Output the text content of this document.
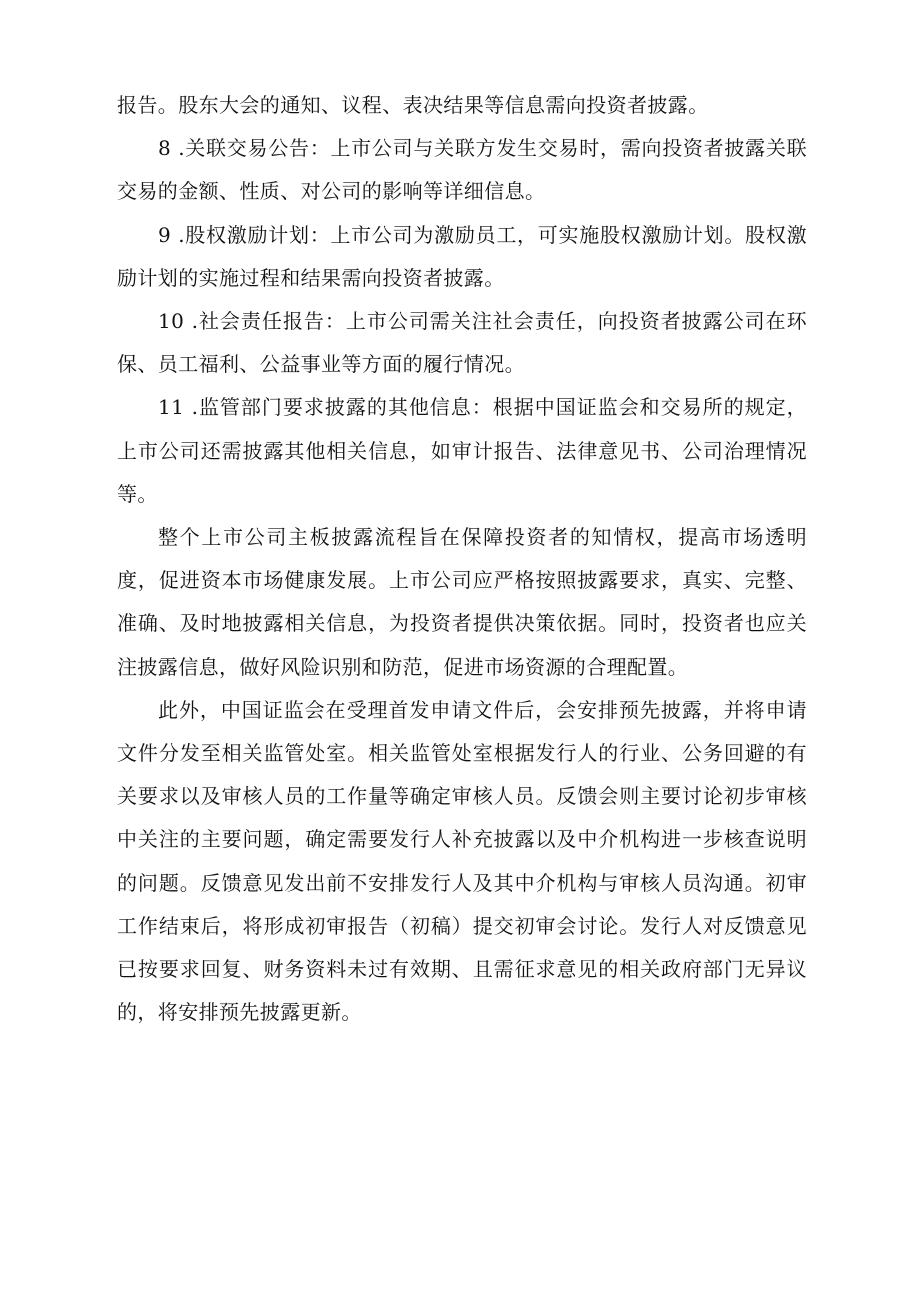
报告。股东大会的通知、议程、表决结果等信息需向投资者披露。

8 .关联交易公告：上市公司与关联方发生交易时，需向投资者披露关联交易的金额、性质、对公司的影响等详细信息。

9 .股权激励计划：上市公司为激励员工，可实施股权激励计划。股权激励计划的实施过程和结果需向投资者披露。

10 .社会责任报告：上市公司需关注社会责任，向投资者披露公司在环保、员工福利、公益事业等方面的履行情况。

11 .监管部门要求披露的其他信息：根据中国证监会和交易所的规定，上市公司还需披露其他相关信息，如审计报告、法律意见书、公司治理情况等。

整个上市公司主板披露流程旨在保障投资者的知情权，提高市场透明度，促进资本市场健康发展。上市公司应严格按照披露要求，真实、完整、准确、及时地披露相关信息，为投资者提供决策依据。同时，投资者也应关注披露信息，做好风险识别和防范，促进市场资源的合理配置。

此外，中国证监会在受理首发申请文件后，会安排预先披露，并将申请文件分发至相关监管处室。相关监管处室根据发行人的行业、公务回避的有关要求以及审核人员的工作量等确定审核人员。反馈会则主要讨论初步审核中关注的主要问题，确定需要发行人补充披露以及中介机构进一步核查说明的问题。反馈意见发出前不安排发行人及其中介机构与审核人员沟通。初审工作结束后，将形成初审报告（初稿）提交初审会讨论。发行人对反馈意见已按要求回复、财务资料未过有效期、且需征求意见的相关政府部门无异议的，将安排预先披露更新。
